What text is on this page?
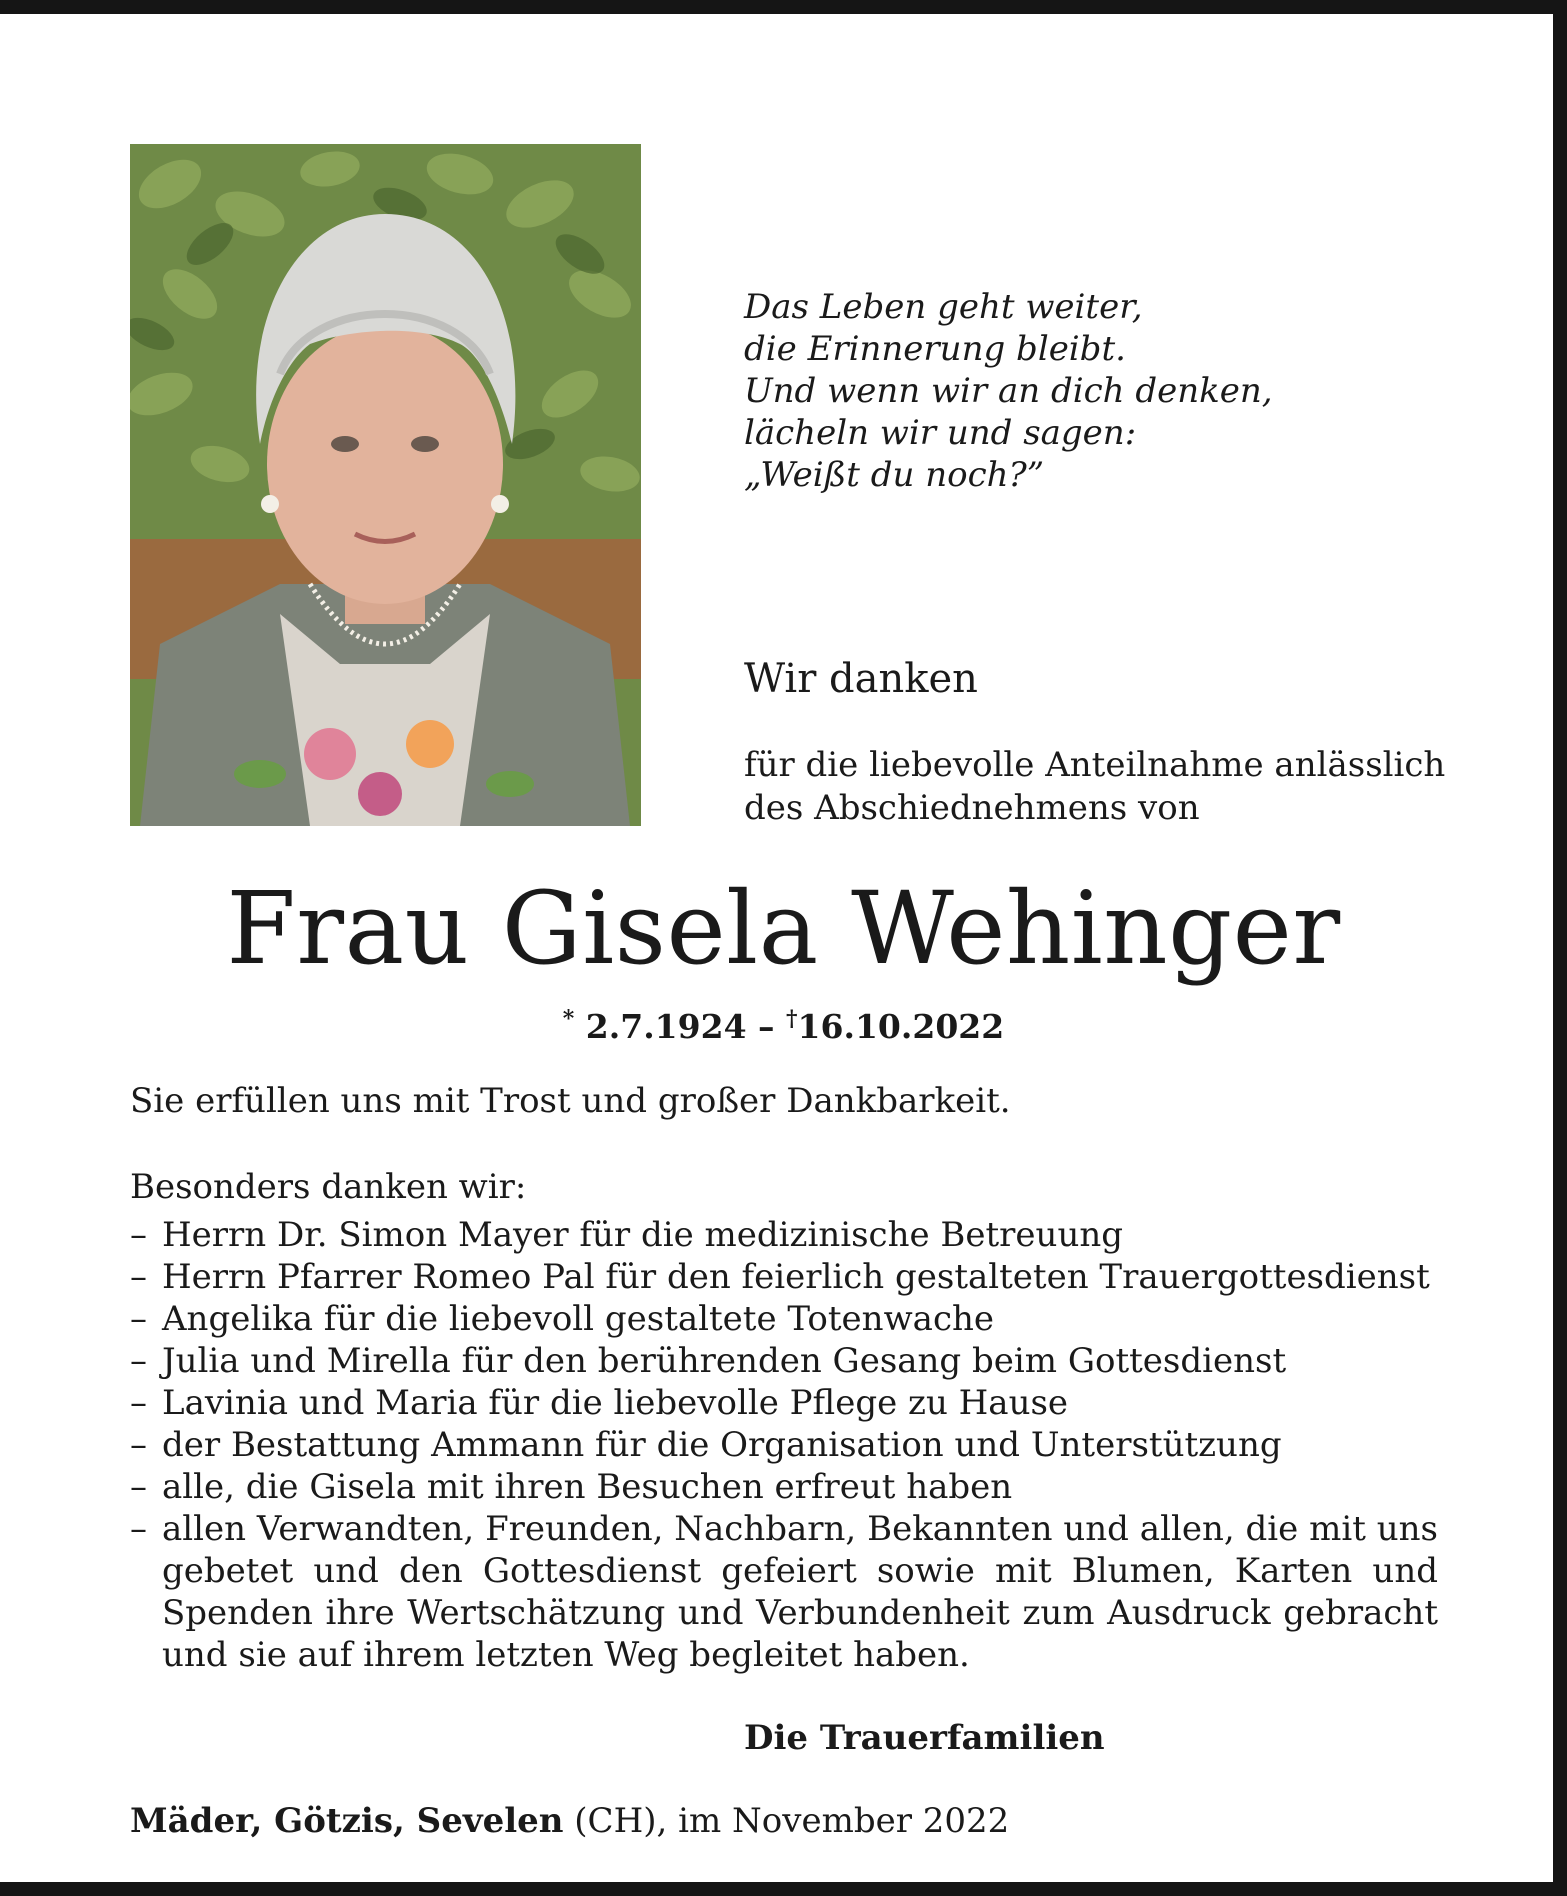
Das Leben geht weiter,
die Erinnerung bleibt.
Und wenn wir an dich denken,
lächeln wir und sagen:
„Weißt du noch?”
Wir danken
für die liebevolle Anteilnahme anlässlich
des Abschiednehmens von
Frau Gisela Wehinger
* 2.7.1924 – †16.10.2022
Sie erfüllen uns mit Trost und großer Dankbarkeit.
Besonders danken wir:
– Herrn Dr. Simon Mayer für die medizinische Betreuung
– Herrn Pfarrer Romeo Pal für den feierlich gestalteten Trauergottesdienst
– Angelika für die liebevoll gestaltete Totenwache
– Julia und Mirella für den berührenden Gesang beim Gottesdienst
– Lavinia und Maria für die liebevolle Pflege zu Hause
– der Bestattung Ammann für die Organisation und Unterstützung
– alle, die Gisela mit ihren Besuchen erfreut haben
– allen Verwandten, Freunden, Nachbarn, Bekannten und allen, die mit uns gebetet und den Gottesdienst gefeiert sowie mit Blumen, Karten und Spenden ihre Wertschätzung und Verbundenheit zum Ausdruck gebracht und sie auf ihrem letzten Weg begleitet haben.
Die Trauerfamilien
Mäder, Götzis, Sevelen (CH), im November 2022
